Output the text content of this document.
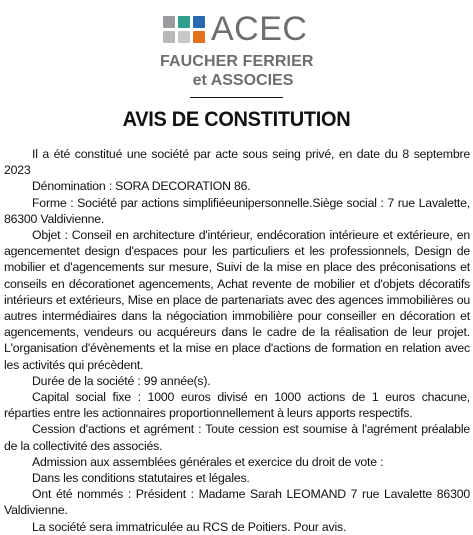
ACEC
FAUCHER FERRIER
et ASSOCIES
AVIS DE CONSTITUTION

Il a été constitué une société par acte sous seing privé, en date du 8 septembre 2023

Dénomination : SORA DECORATION 86.

Forme : Société par actions simplifiéeunipersonnelle.Siège social : 7 rue Lavalette, 86300 Valdivienne.

Objet : Conseil en architecture d'intérieur, endécoration intérieure et extérieure, en agencementet design d'espaces pour les particuliers et les professionnels, Design de mobilier et d'agencements sur mesure, Suivi de la mise en place des préconisations et conseils en décorationet agencements, Achat revente de mobilier et d'objets décoratifs intérieurs et extérieurs, Mise en place de partenariats avec des agences immobilières ou autres intermédiaires dans la négociation immobilière pour conseiller en décoration et agencements, vendeurs ou acquéreurs dans le cadre de la réalisation de leur projet. L'organisation d'évènements et la mise en place d'actions de formation en relation avec les activités qui précèdent.

Durée de la société : 99 année(s).

Capital social fixe : 1000 euros divisé en 1000 actions de 1 euros chacune, réparties entre les actionnaires proportionnellement à leurs apports respectifs.

Cession d'actions et agrément : Toute cession est soumise à l'agrément préalable de la collectivité des associés.

Admission aux assemblées générales et exercice du droit de vote :

Dans les conditions statutaires et légales.

Ont été nommés : Président : Madame Sarah LEOMAND 7 rue Lavalette 86300 Valdivienne.

La société sera immatriculée au RCS de Poitiers. Pour avis.
